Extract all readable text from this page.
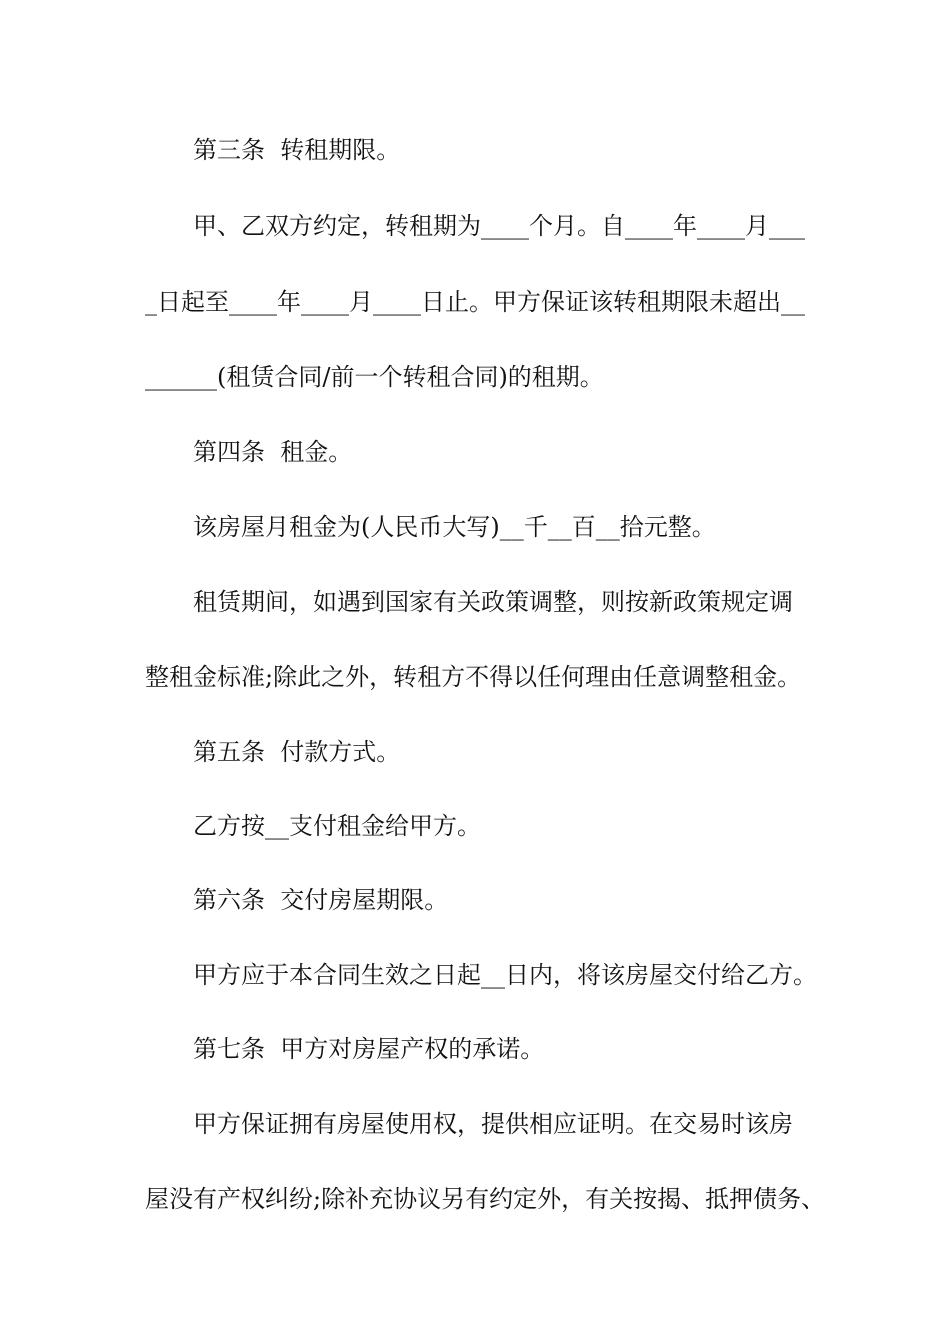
第三条  转租期限。
甲、乙双方约定，转租期为____个月。自____年____月___
_日起至____年____月____日止。甲方保证该转租期限未超出__
______(租赁合同/前一个转租合同)的租期。
第四条  租金。
该房屋月租金为(人民币大写)__千__百__拾元整。
租赁期间，如遇到国家有关政策调整，则按新政策规定调
整租金标准;除此之外，转租方不得以任何理由任意调整租金。
第五条  付款方式。
乙方按__支付租金给甲方。
第六条  交付房屋期限。
甲方应于本合同生效之日起__日内，将该房屋交付给乙方。
第七条  甲方对房屋产权的承诺。
甲方保证拥有房屋使用权，提供相应证明。在交易时该房
屋没有产权纠纷;除补充协议另有约定外，有关按揭、抵押债务、
